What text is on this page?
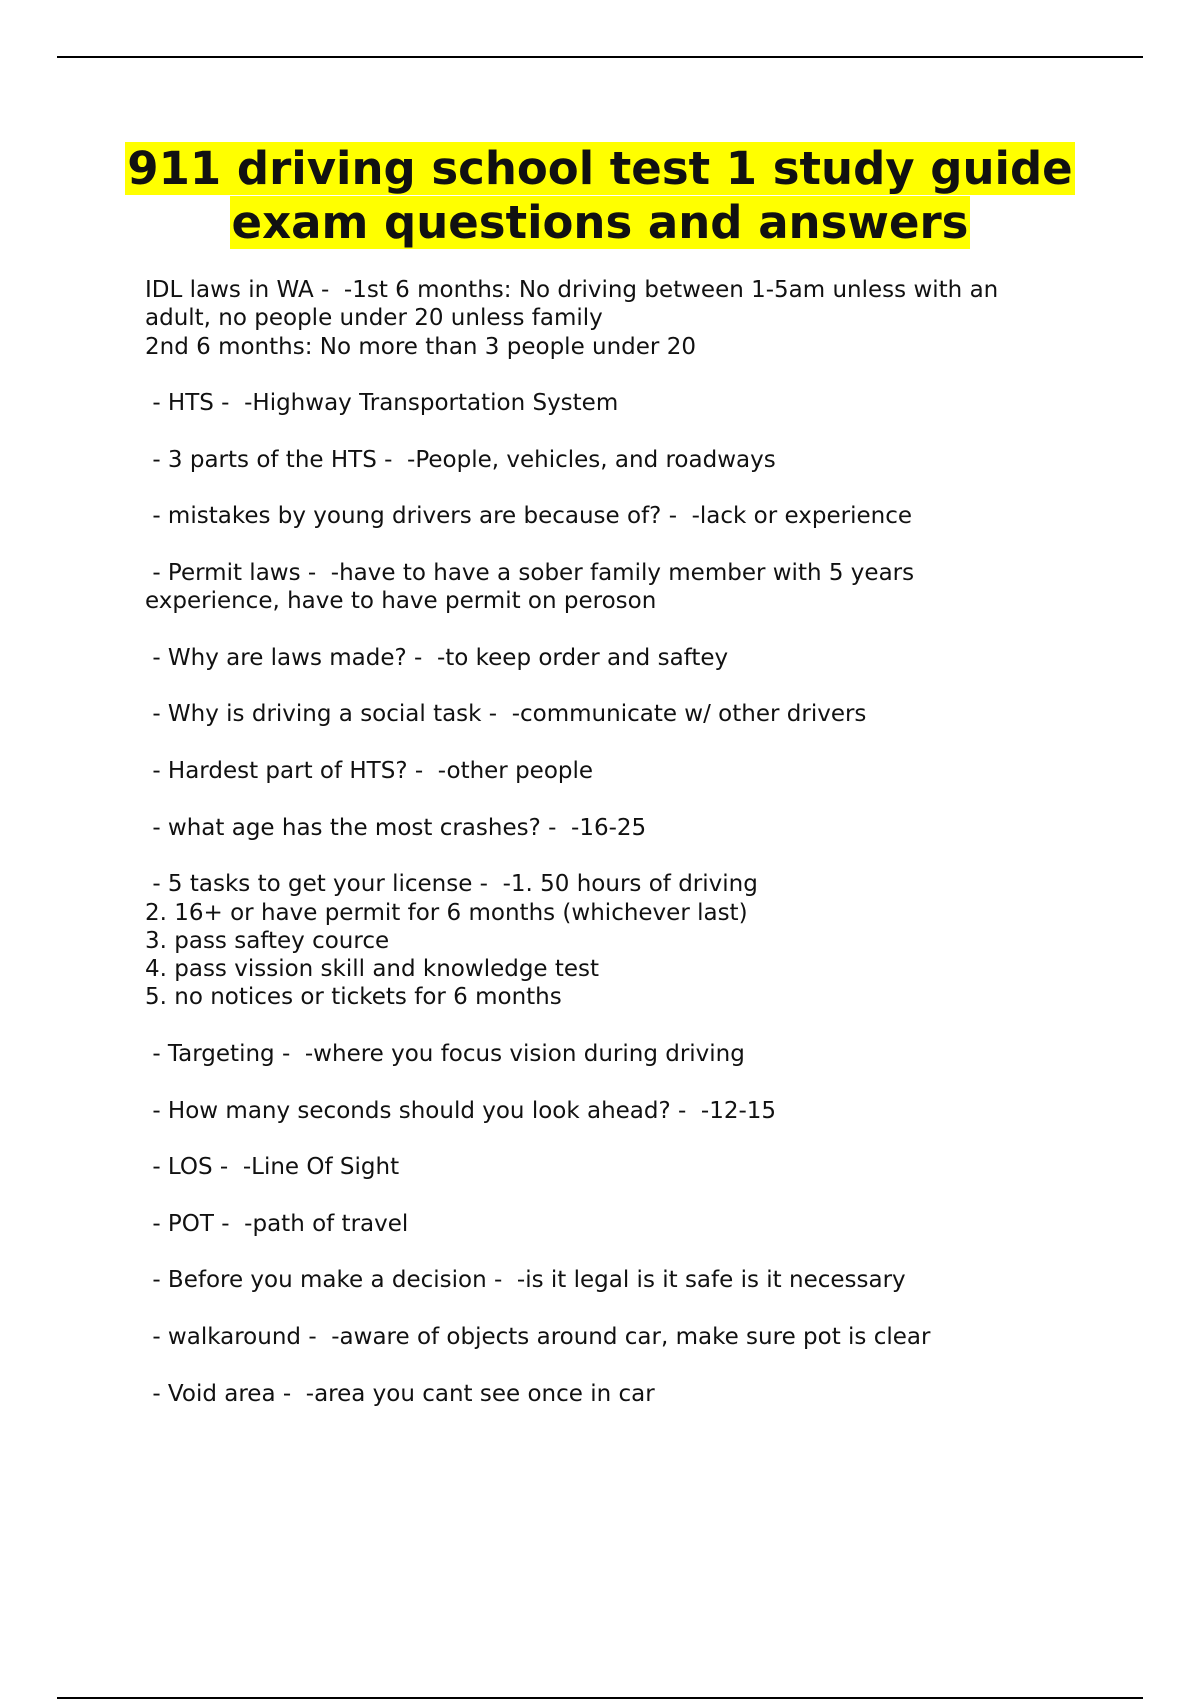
911 driving school test 1 study guide
exam questions and answers

IDL laws in WA -  -1st 6 months: No driving between 1-5am unless with an
adult, no people under 20 unless family
2nd 6 months: No more than 3 people under 20

- HTS -  -Highway Transportation System

- 3 parts of the HTS -  -People, vehicles, and roadways

- mistakes by young drivers are because of? -  -lack or experience

- Permit laws -  -have to have a sober family member with 5 years
experience, have to have permit on peroson

- Why are laws made? -  -to keep order and saftey

- Why is driving a social task -  -communicate w/ other drivers

- Hardest part of HTS? -  -other people

- what age has the most crashes? -  -16-25

- 5 tasks to get your license -  -1. 50 hours of driving
2. 16+ or have permit for 6 months (whichever last)
3. pass saftey cource
4. pass vission skill and knowledge test
5. no notices or tickets for 6 months

- Targeting -  -where you focus vision during driving

- How many seconds should you look ahead? -  -12-15

- LOS -  -Line Of Sight

- POT -  -path of travel

- Before you make a decision -  -is it legal is it safe is it necessary

- walkaround -  -aware of objects around car, make sure pot is clear

- Void area -  -area you cant see once in car
